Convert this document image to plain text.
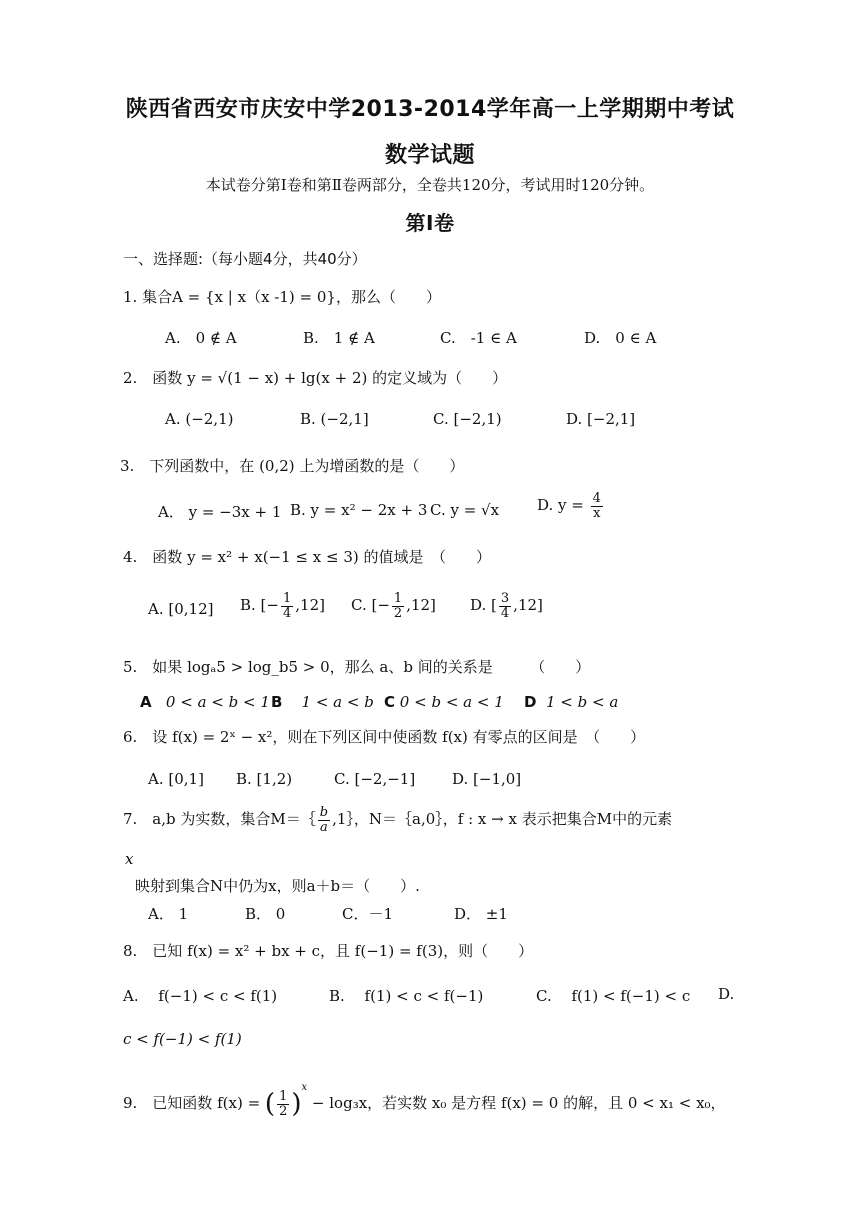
陕西省西安市庆安中学2013-2014学年高一上学期期中考试
数学试题
本试卷分第Ⅰ卷和第Ⅱ卷两部分，全卷共120分，考试用时120分钟。
第Ⅰ卷
一、选择题:（每小题4分，共40分）
1. 集合A = {x | x（x -1) = 0}，那么（　　）
A.　0 ∉ A	B.　1 ∉ A	C.　-1 ∈ A	D.　0 ∈ A
2.　函数 y = √(1 − x) + lg(x + 2) 的定义域为（　　）
A. (−2,1)	B. (−2,1]	C. [−2,1)	D. [−2,1]
3.　下列函数中，在 (0,2) 上为增函数的是（　　）
A． y = −3x + 1 B. y = x² − 2x + 3 C. y = √x	D. $y = \frac{4}{x}$
4.　函数 y = x² + x(−1 ≤ x ≤ 3) 的值域是　（　　）
A. [0,12] B. [− $\frac{1}{4} ,12$] C. [− $\frac{1}{2} ,12$] D. [ $\frac{3}{4} ,12$]
5.　如果 logₐ5 > log_b5 > 0，那么 a、b 间的关系是　　　（　　）
A 0 < a < b < 1 B 1 < a < b C 0 < b < a < 1 D 1 < b < a
6.　设 f(x) = 2ˣ − x²，则在下列区间中使函数 f(x) 有零点的区间是　（　　）
A. [0,1] B. [1,2)	C. [−2,−1] D. [−1,0]
7.　a,b 为实数，集合M＝｛ $\frac{b}{a}$ ,1｝，N＝｛a,0｝，f : x → x 表示把集合M中的元素
x
映射到集合N中仍为x，则a＋b＝（　　）.
A． 1	B． 0	C．－1	D． ±1
8.　已知 f(x) = x² + bx + c，且 f(−1) = f(3)，则（　　）
A.　 f(−1) < c < f(1)	B.　 f(1) < c < f(−1)	C.　 f(1) < f(−1) < c D.
c < f(−1) < f(1)
9.　已知函数 f(x) = ( $\frac{1}{2} )^x - \log_3x$，若实数 x₀ 是方程 f(x) = 0 的解，且 0 < x₁ < x₀，
